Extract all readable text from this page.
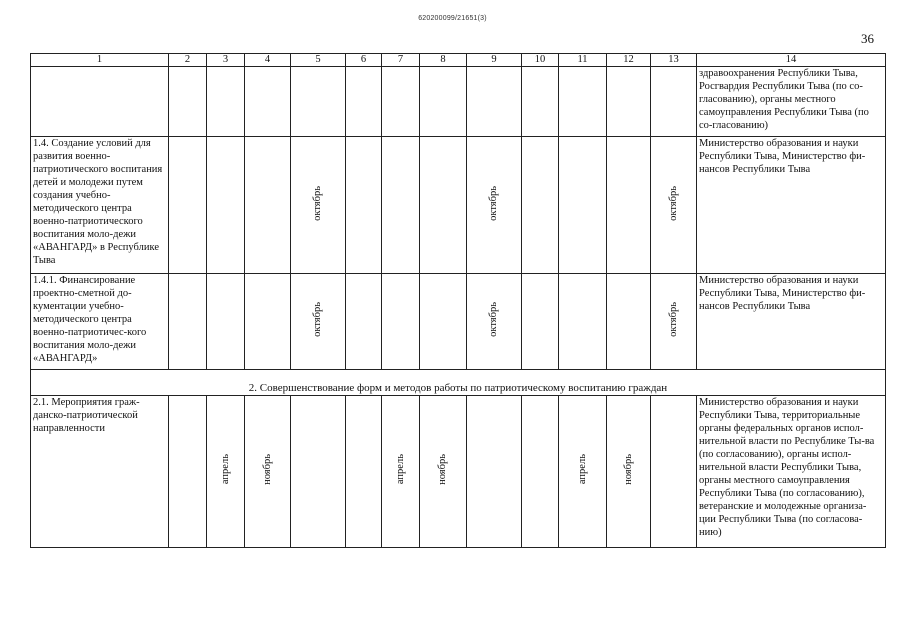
620200099/21651(3)
36
1	2	3	4	5	6	7	8	9	10	11	12	13	14
													здравоохранения Республики Тыва, Росгвардия Республики Тыва (по со-гласованию), органы местного самоуправления Республики Тыва (по со-гласованию)
1.4. Создание условий для развития военно-патриотического воспитания детей и молодежи путем создания учебно-методического центра военно-патриотического воспитания моло-дежи «АВАНГАРД» в Республике Тыва				октябрь				октябрь				октябрь	Министерство образования и науки Республики Тыва, Министерство фи-нансов Республики Тыва
1.4.1. Финансирование проектно-сметной до-кументации учебно-методического центра военно-патриотичес-кого воспитания моло-дежи «АВАНГАРД»				октябрь				октябрь				октябрь	Министерство образования и науки Республики Тыва, Министерство фи-нансов Республики Тыва
2. Совершенствование форм и методов работы по патриотическому воспитанию граждан													
2.1. Мероприятия граж-данско-патриотической направленности		апрель	ноябрь			апрель	ноябрь			апрель	ноябрь		Министерство образования и науки Республики Тыва, территориальные органы федеральных органов испол-нительной власти по Республике Ты-ва (по согласованию), органы испол-нительной власти Республики Тыва, органы местного самоуправления Республики Тыва (по согласованию), ветеранские и молодежные организа-ции Республики Тыва (по согласова-нию)
